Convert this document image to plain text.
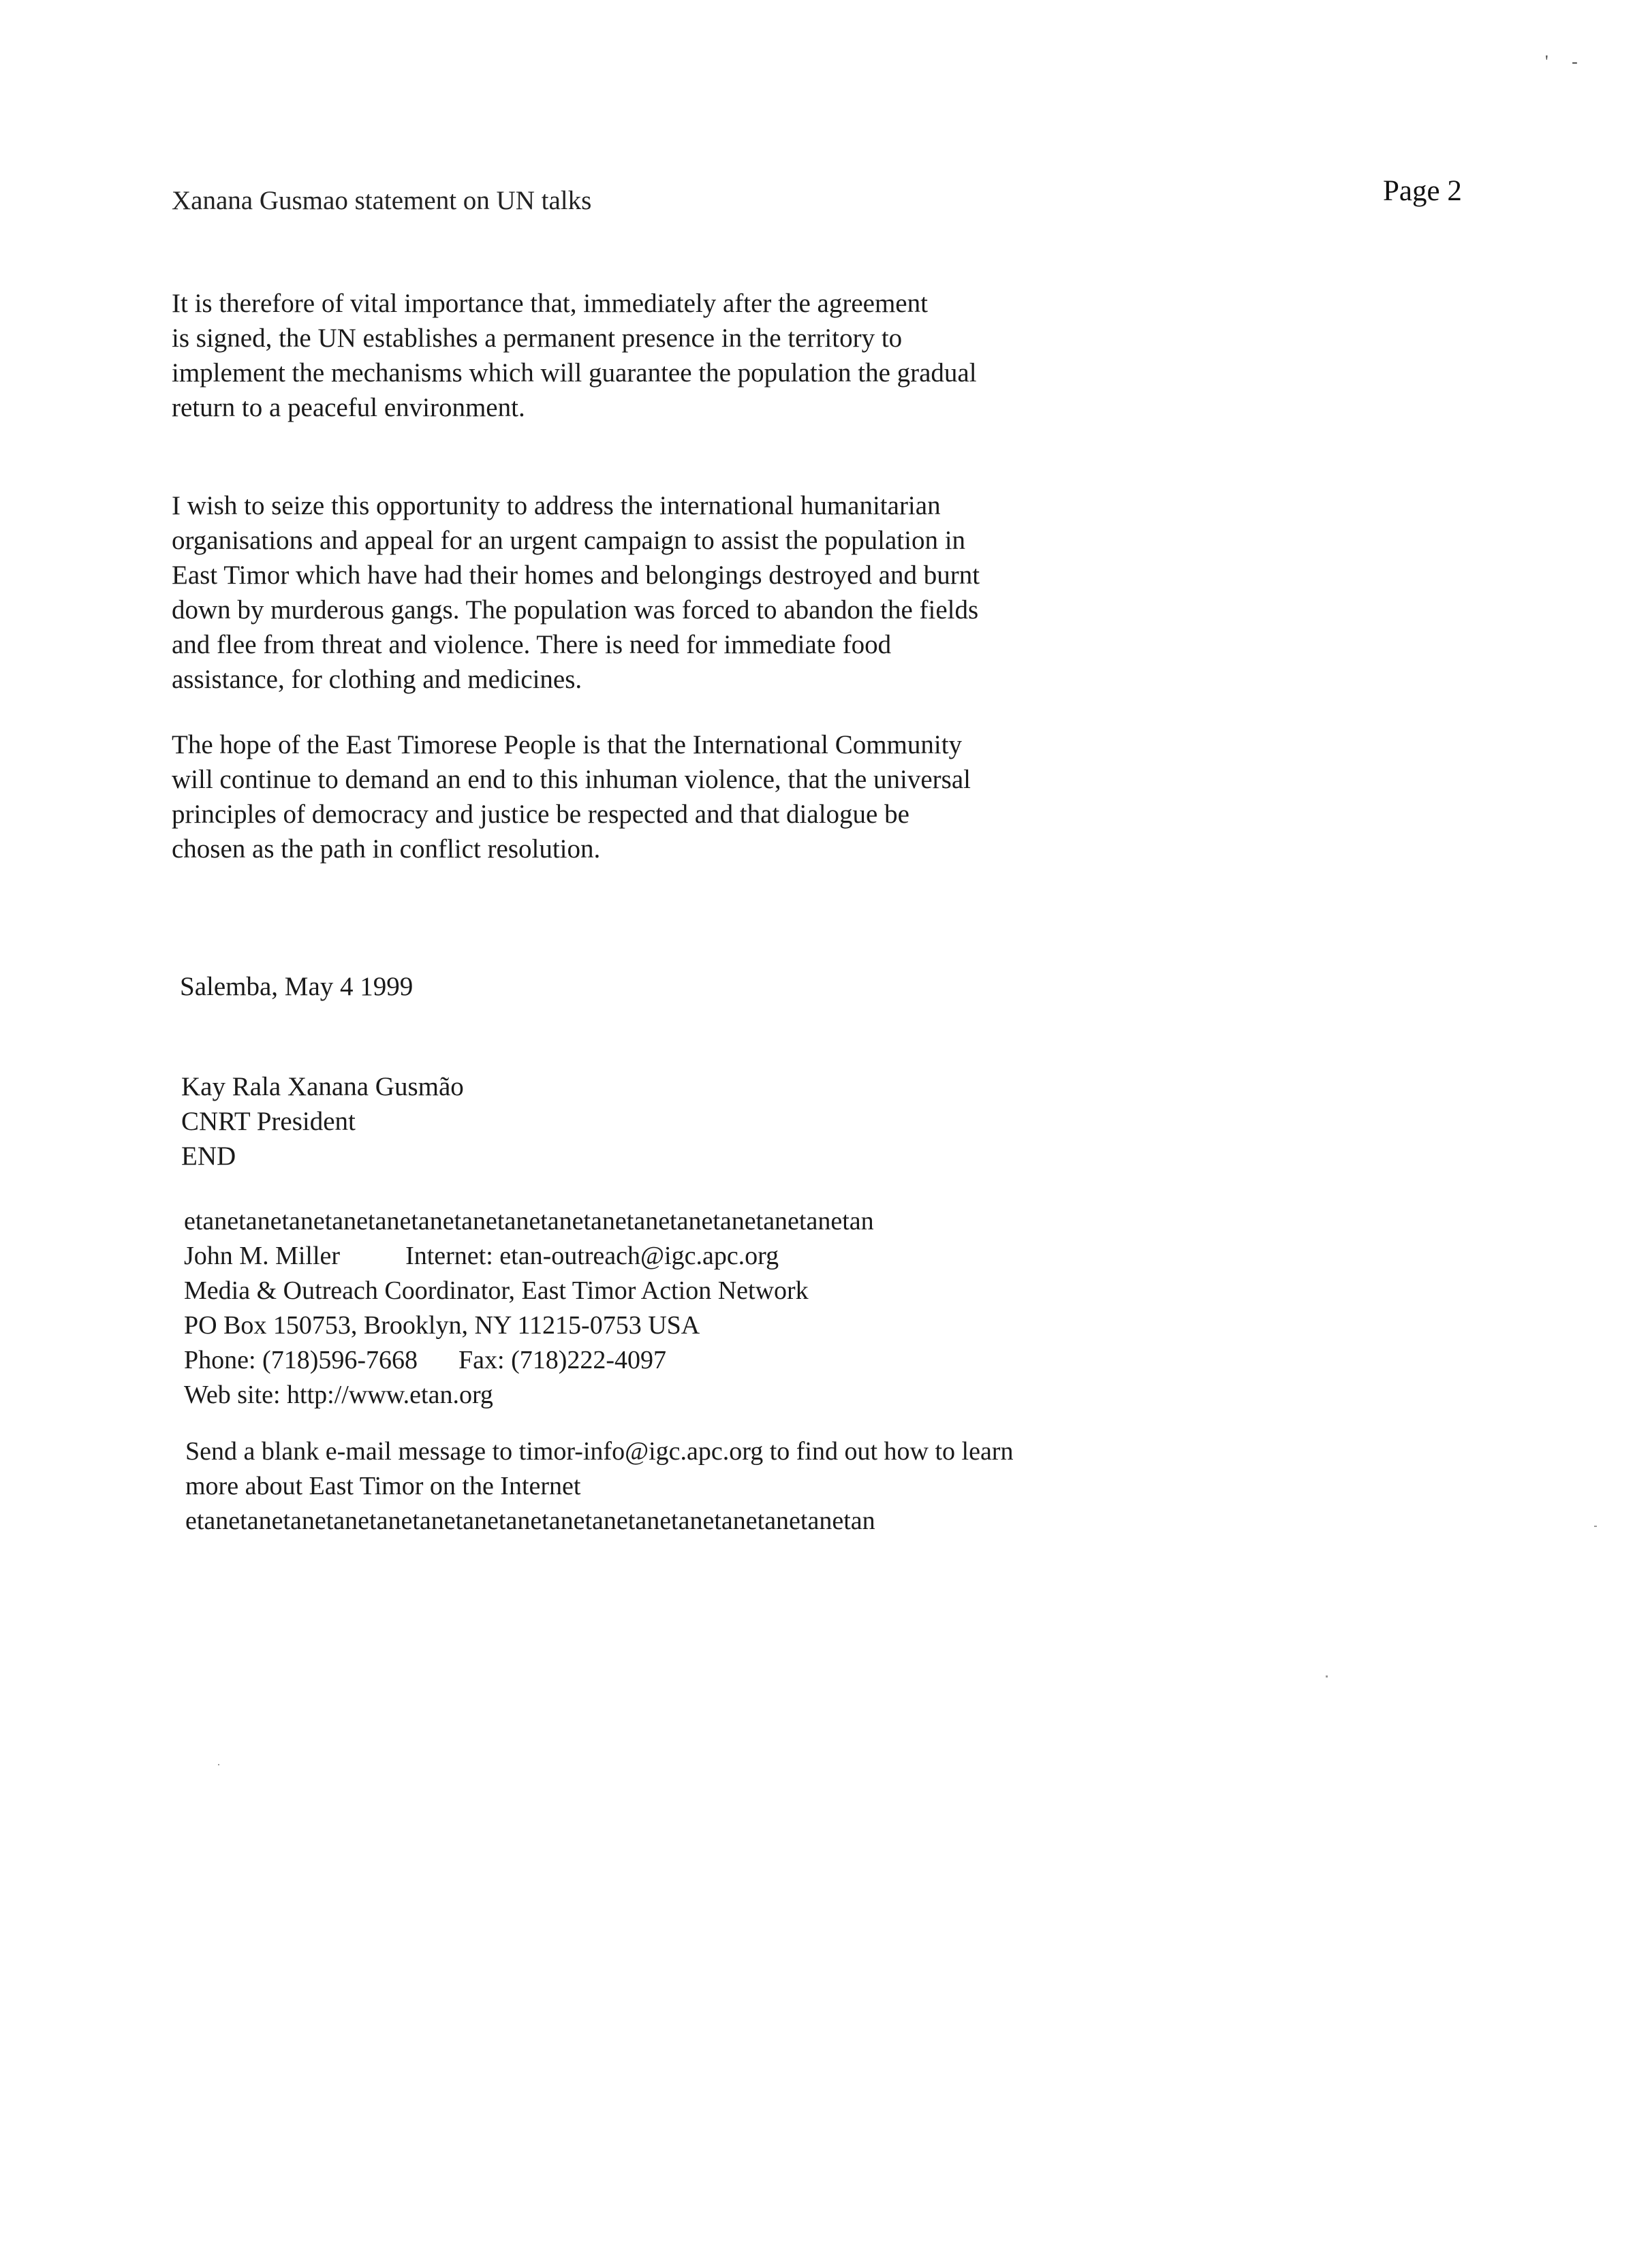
' -
Xanana Gusmao statement on UN talks	Page 2

It is therefore of vital importance that, immediately after the agreement
is signed, the UN establishes a permanent presence in the territory to
implement the mechanisms which will guarantee the population the gradual
return to a peaceful environment.

I wish to seize this opportunity to address the international humanitarian
organisations and appeal for an urgent campaign to assist the population in
East Timor which have had their homes and belongings destroyed and burnt
down by murderous gangs. The population was forced to abandon the fields
and flee from threat and violence. There is need for immediate food
assistance, for clothing and medicines.

The hope of the East Timorese People is that the International Community
will continue to demand an end to this inhuman violence, that the universal
principles of democracy and justice be respected and that dialogue be
chosen as the path in conflict resolution.

Salemba, May 4 1999
Kay Rala Xanana Gusmão
CNRT President
END
etanetanetanetanetanetanetanetanetanetanetanetanetanetanetanetan
John M. Miller	Internet: etan-outreach@igc.apc.org
Media & Outreach Coordinator, East Timor Action Network
PO Box 150753, Brooklyn, NY 11215-0753 USA
Phone: (718)596-7668 Fax: (718)222-4097
Web site: http://www.etan.org
Send a blank e-mail message to timor-info@igc.apc.org to find out how to learn
more about East Timor on the Internet
etanetanetanetanetanetanetanetanetanetanetanetanetanetanetanetan
